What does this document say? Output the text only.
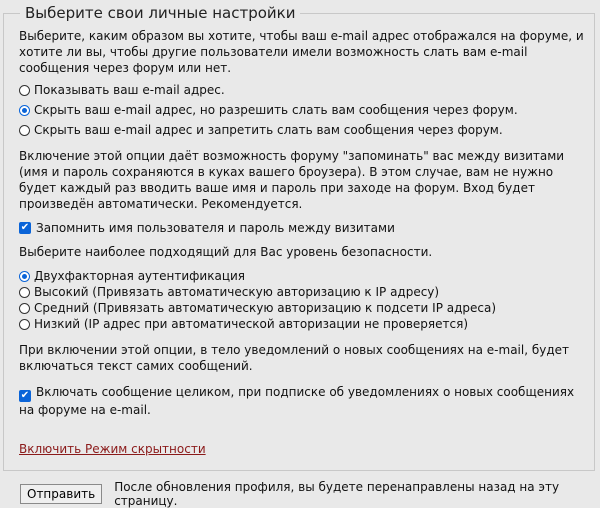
Выберите свои личные настройки
Выберите, каким образом вы хотите, чтобы ваш e-mail адрес отображался на форуме, и хотите ли вы, чтобы другие пользователи имели возможность слать вам e-mail сообщения через форум или нет.
Показывать ваш e-mail адрес.
Скрыть ваш e-mail адрес, но разрешить слать вам сообщения через форум.
Скрыть ваш e-mail адрес и запретить слать вам сообщения через форум.
Включение этой опции даёт возможность форуму "запоминать" вас между визитами (имя и пароль сохраняются в куках вашего броузера). В этом случае, вам не нужно будет каждый раз вводить ваше имя и пароль при заходе на форум. Вход будет произведён автоматически. Рекомендуется.
✔ Запомнить имя пользователя и пароль между визитами
Выберите наиболее подходящий для Вас уровень безопасности.
Двухфакторная аутентификация
Высокий (Привязать автоматическую авторизацию к IP адресу)
Средний (Привязать автоматическую авторизацию к подсети IP адреса)
Низкий (IP адрес при автоматической авторизации не проверяется)
При включении этой опции, в тело уведомлений о новых сообщениях на e-mail, будет включаться текст самих сообщений.
✔ Включать сообщение целиком, при подписке об уведомлениях о новых сообщениях на форуме на e-mail.
Включить Режим скрытности
Отправить	После обновления профиля, вы будете перенаправлены назад на эту страницу.
